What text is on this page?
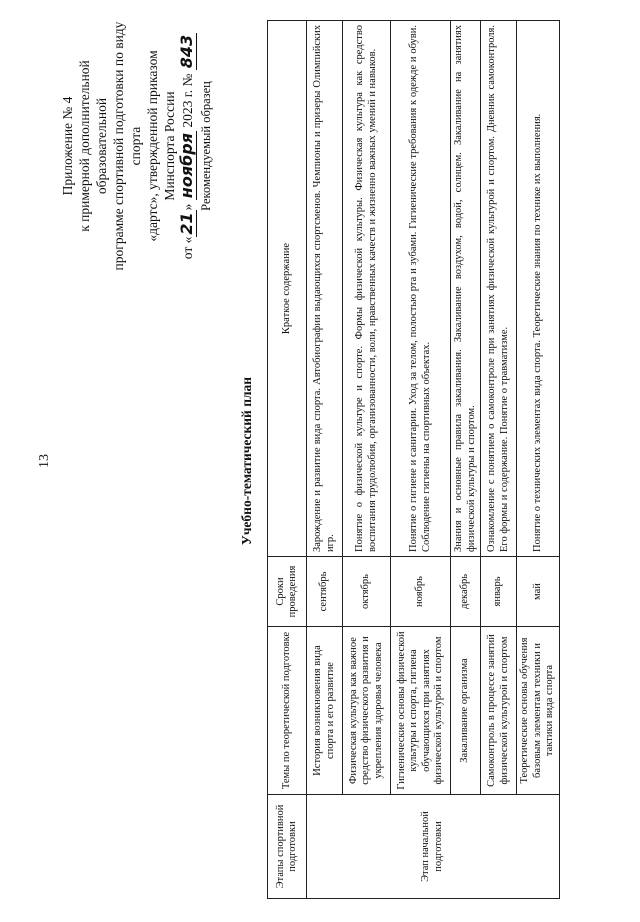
13
Приложение № 4 к примерной дополнительной образовательной программе спортивной подготовки по виду спорта «дартс», утвержденной приказом Минспорта России
от «21» ноября 2023 г. № 843
Рекомендуемый образец
Учебно-тематический план
Этапы спортивной подготовки	Темы по теоретической подготовке	Сроки проведения	Краткое содержание
Этап начальной подготовки	История возникновения вида спорта и его развитие	сентябрь	Зарождение и развитие вида спорта. Автобиографии выдающихся спортсменов. Чемпионы и призеры Олимпийских игр.
	Физическая культура как важное средство физического развития и укрепления здоровья человека	октябрь	Понятие о физической культуре и спорте. Формы физической культуры. Физическая культура как средство воспитания трудолюбия, организованности, воли, нравственных качеств и жизненно важных умений и навыков.
	Гигиенические основы физической культуры и спорта, гигиена обучающихся при занятиях физической культурой и спортом	ноябрь	Понятие о гигиене и санитарии. Уход за телом, полостью рта и зубами. Гигиенические требования к одежде и обуви. Соблюдение гигиены на спортивных объектах.
	Закаливание организма	декабрь	Знания и основные правила закаливания. Закаливание воздухом, водой, солнцем. Закаливание на занятиях физической культуры и спортом.
	Самоконтроль в процессе занятий физической культурой и спортом	январь	Ознакомление с понятием о самоконтроле при занятиях физической культурой и спортом. Дневник самоконтроля. Его формы и содержание. Понятие о травматизме.
	Теоретические основы обучения базовым элементам техники и тактики вида спорта	май	Понятие о технических элементах вида спорта. Теоретические знания по технике их выполнения.
